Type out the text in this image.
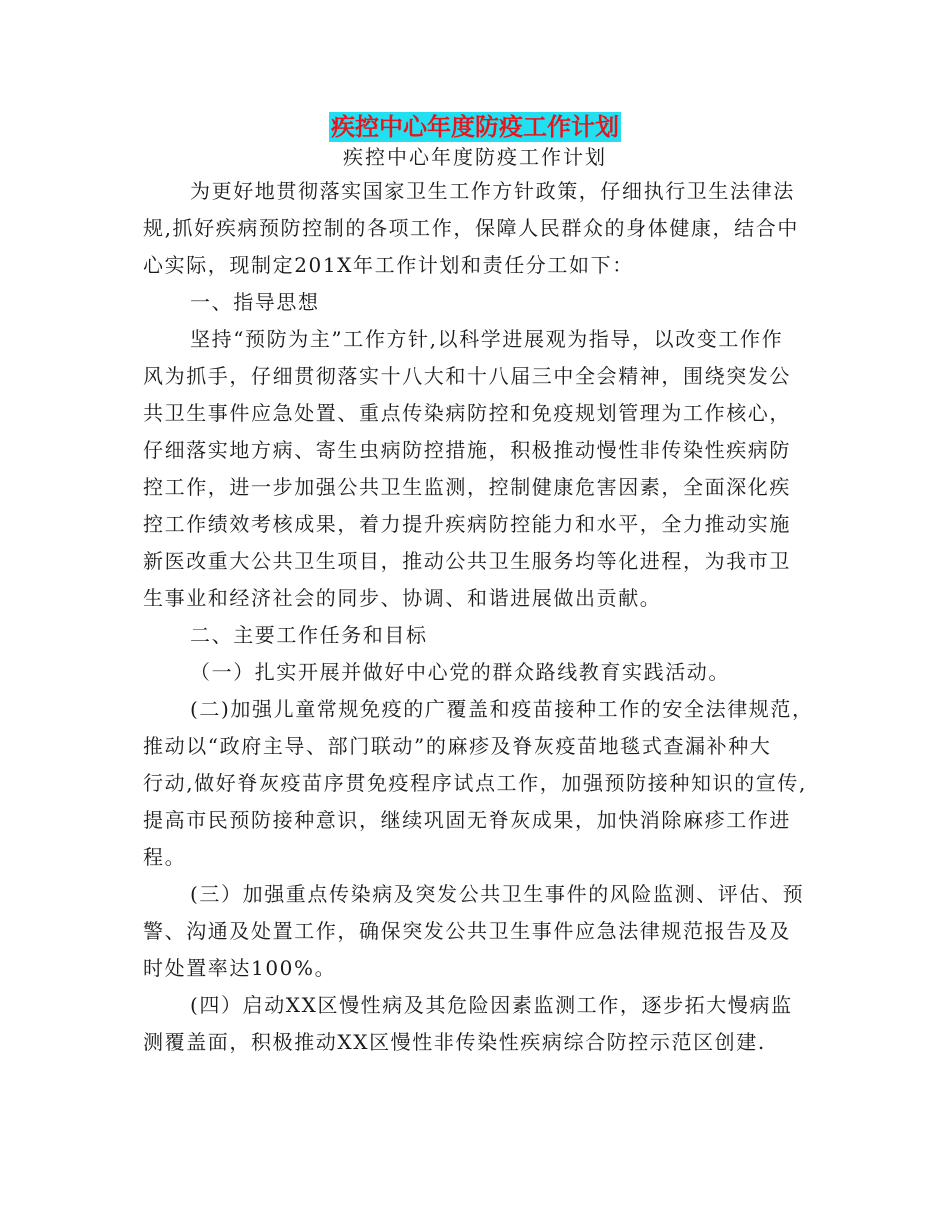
疾控中心年度防疫工作计划
疾控中心年度防疫工作计划
为更好地贯彻落实国家卫生工作方针政策，仔细执行卫生法律法
规,抓好疾病预防控制的各项工作，保障人民群众的身体健康，结合中
心实际，现制定201X年工作计划和责任分工如下：
一、指导思想
坚持“预防为主”工作方针,以科学进展观为指导，以改变工作作
风为抓手，仔细贯彻落实十八大和十八届三中全会精神，围绕突发公
共卫生事件应急处置、重点传染病防控和免疫规划管理为工作核心，
仔细落实地方病、寄生虫病防控措施，积极推动慢性非传染性疾病防
控工作，进一步加强公共卫生监测，控制健康危害因素，全面深化疾
控工作绩效考核成果，着力提升疾病防控能力和水平，全力推动实施
新医改重大公共卫生项目，推动公共卫生服务均等化进程，为我市卫
生事业和经济社会的同步、协调、和谐进展做出贡献。
二、主要工作任务和目标
（一）扎实开展并做好中心党的群众路线教育实践活动。
(二)加强儿童常规免疫的广覆盖和疫苗接种工作的安全法律规范，
推动以“政府主导、部门联动”的麻疹及脊灰疫苗地毯式查漏补种大
行动,做好脊灰疫苗序贯免疫程序试点工作，加强预防接种知识的宣传,
提高市民预防接种意识，继续巩固无脊灰成果，加快消除麻疹工作进
程。
(三）加强重点传染病及突发公共卫生事件的风险监测、评估、预
警、沟通及处置工作，确保突发公共卫生事件应急法律规范报告及及
时处置率达100%。
(四）启动XX区慢性病及其危险因素监测工作，逐步拓大慢病监
测覆盖面，积极推动XX区慢性非传染性疾病综合防控示范区创建.
